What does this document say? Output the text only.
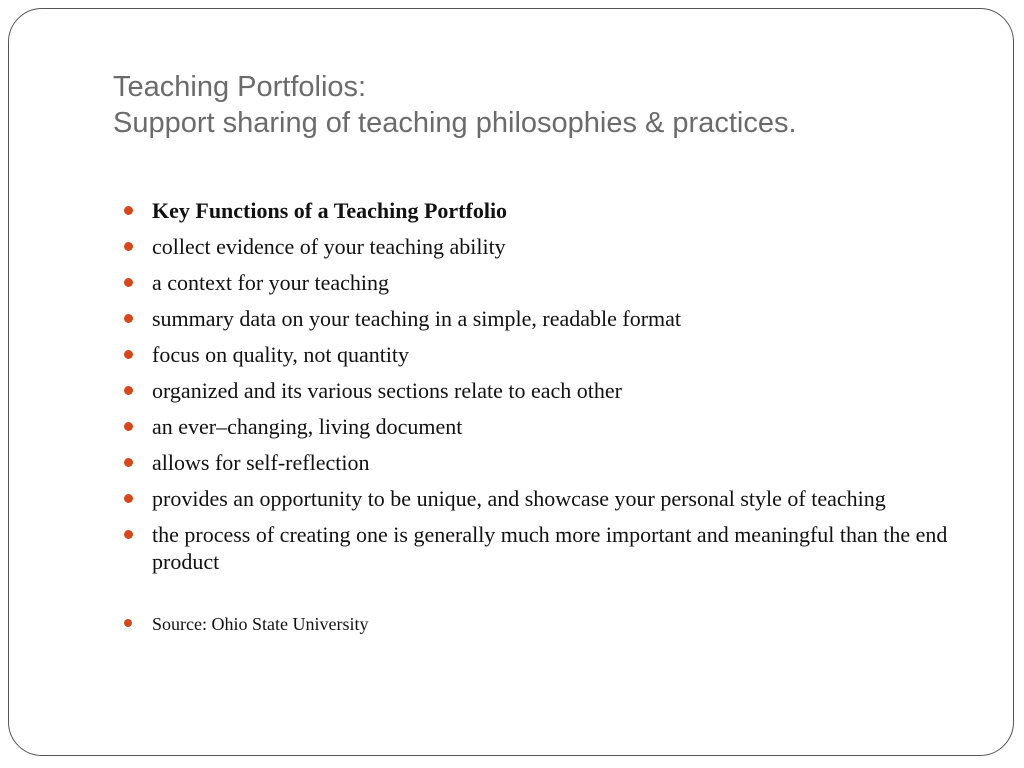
Teaching Portfolios:
Support sharing of teaching philosophies & practices.
Key Functions of a Teaching Portfolio
collect evidence of your teaching ability
a context for your teaching
summary data on your teaching in a simple, readable format
focus on quality, not quantity
organized and its various sections relate to each other
an ever–changing, living document
allows for self-reflection
provides an opportunity to be unique, and showcase your personal style of teaching
the process of creating one is generally much more important and meaningful than the end product
Source: Ohio State University
